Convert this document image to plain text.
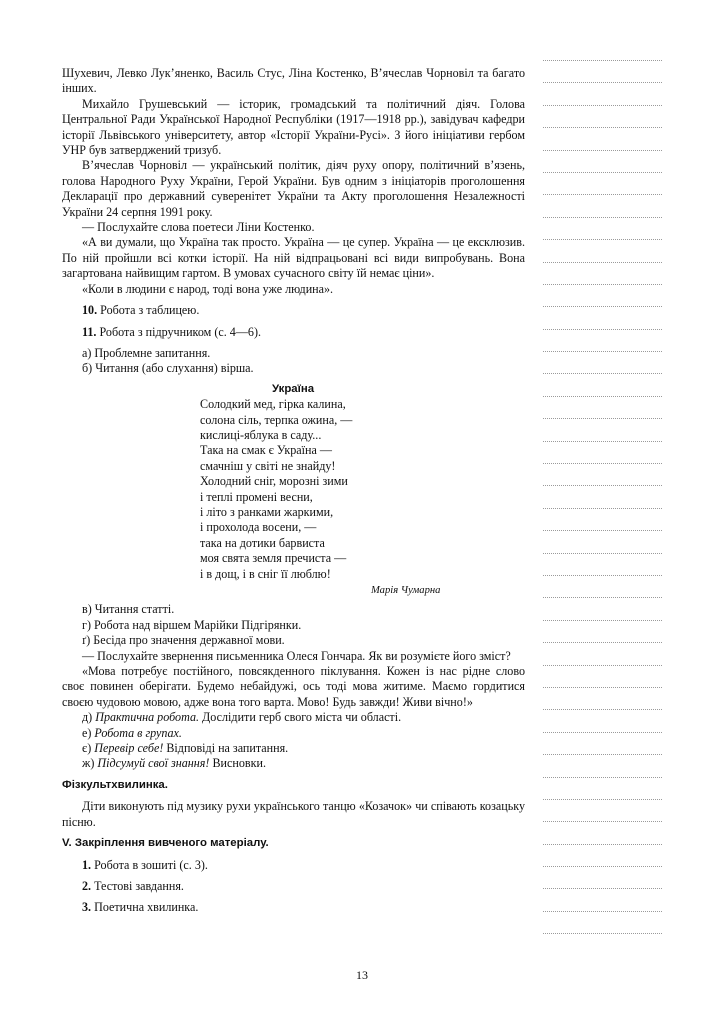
Шухевич, Левко Лук’яненко, Василь Стус, Ліна Костенко, В’ячеслав Чорновіл та багато інших.

Михайло Грушевський — історик, громадський та політичний діяч. Голова Центральної Ради Української Народної Республіки (1917—1918 рр.), завідувач кафедри історії Львівського університету, автор «Історії України-Русі». З його ініціативи гербом УНР був затверджений тризуб.

В’ячеслав Чорновіл — український політик, діяч руху опору, політичний в’язень, голова Народного Руху України, Герой України. Був одним з ініціаторів проголошення Декларації про державний суверенітет України та Акту проголошення Незалежності України 24 серпня 1991 року.

— Послухайте слова поетеси Ліни Костенко.

«А ви думали, що Україна так просто. Україна — це супер. Україна — це ексклюзив. По ній пройшли всі котки історії. На ній відпрацьовані всі види випробувань. Вона загартована найвищим гартом. В умовах сучасного світу їй немає ціни».

«Коли в людини є народ, тоді вона уже людина».

10. Робота з таблицею.

11. Робота з підручником (с. 4—6).

а) Проблемне запитання.

б) Читання (або слухання) вірша.

Україна
Солодкий мед, гірка калина,
солона сіль, терпка ожина, —
кислиці-яблука в саду...
Така на смак є Україна —
смачніш у світі не знайду!
Холодний сніг, морозні зими
і теплі промені весни,
і літо з ранками жаркими,
і прохолода восени, —
така на дотики барвиста
моя свята земля пречиста —
і в дощ, і в сніг її люблю!
Марія Чумарна

в) Читання статті.

г) Робота над віршем Марійки Підгірянки.

ґ) Бесіда про значення державної мови.

— Послухайте звернення письменника Олеся Гончара. Як ви розумієте його зміст?

«Мова потребує постійного, повсякденного піклування. Кожен із нас рідне слово своє повинен оберігати. Будемо небайдужі, ось тоді мова житиме. Маємо гордитися своєю чудовою мовою, адже вона того варта. Мово! Будь завжди! Живи вічно!»

д) Практична робота. Дослідити герб свого міста чи області.

е) Робота в групах.

є) Перевір себе! Відповіді на запитання.

ж) Підсумуй свої знання! Висновки.

Фізкультхвилинка.

Діти виконують під музику рухи українського танцю «Козачок» чи співають козацьку пісню.

V. Закріплення вивченого матеріалу.

1. Робота в зошиті (с. 3).

2. Тестові завдання.

3. Поетична хвилинка.

13
